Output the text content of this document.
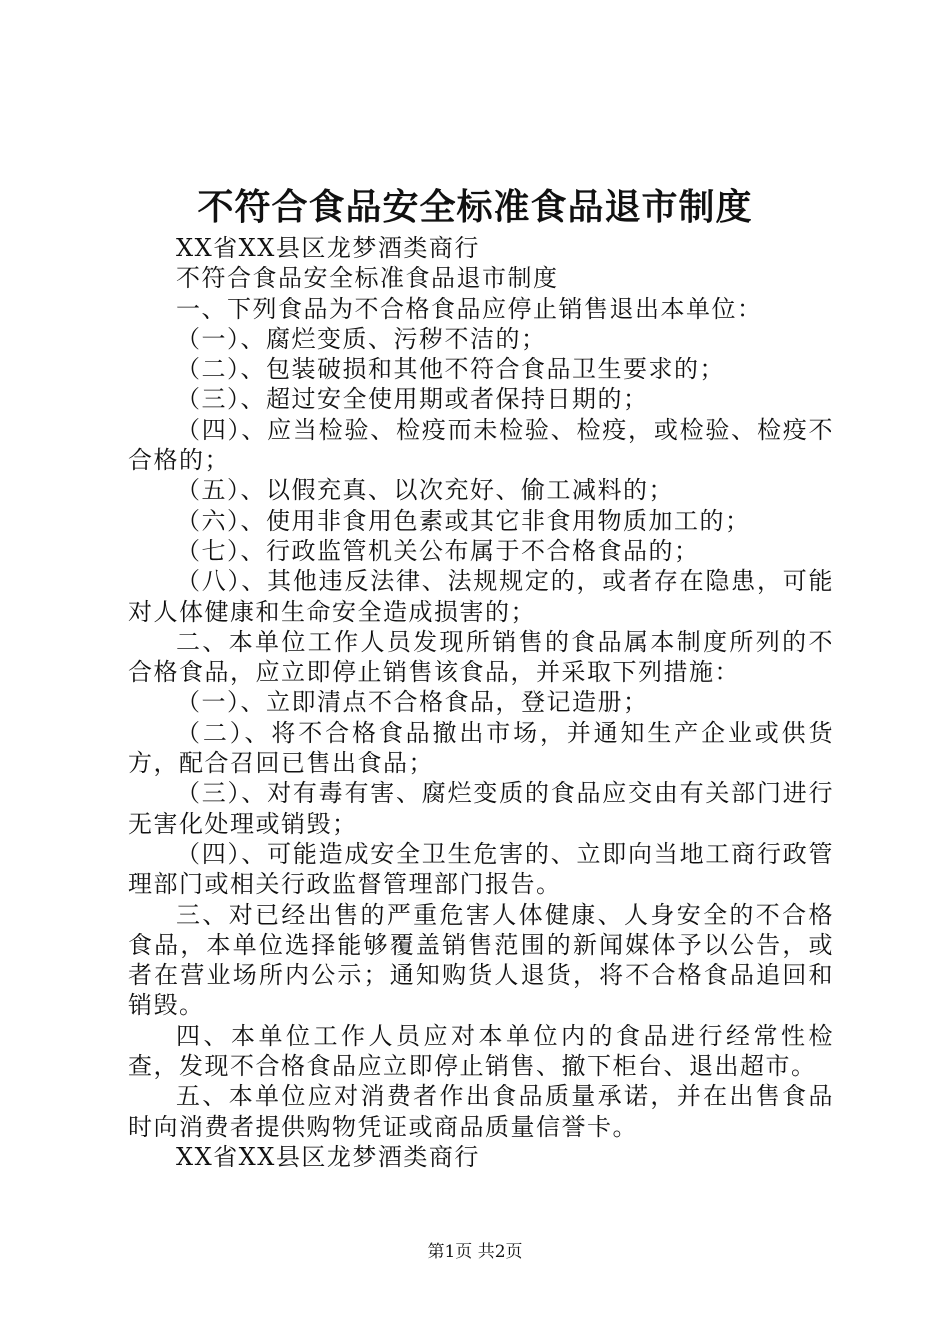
不符合食品安全标准食品退市制度

XX省XX县区龙梦酒类商行

不符合食品安全标准食品退市制度

一、下列食品为不合格食品应停止销售退出本单位：

（一）、腐烂变质、污秽不洁的；

（二）、包装破损和其他不符合食品卫生要求的；

（三）、超过安全使用期或者保持日期的；

（四）、应当检验、检疫而未检验、检疫，或检验、检疫不合格的；

（五）、以假充真、以次充好、偷工减料的；

（六）、使用非食用色素或其它非食用物质加工的；

（七）、行政监管机关公布属于不合格食品的；

（八）、其他违反法律、法规规定的，或者存在隐患，可能对人体健康和生命安全造成损害的；

二、本单位工作人员发现所销售的食品属本制度所列的不合格食品，应立即停止销售该食品，并采取下列措施：

（一）、立即清点不合格食品，登记造册；

（二）、将不合格食品撤出市场，并通知生产企业或供货方，配合召回已售出食品；

（三）、对有毒有害、腐烂变质的食品应交由有关部门进行无害化处理或销毁；

（四）、可能造成安全卫生危害的、立即向当地工商行政管理部门或相关行政监督管理部门报告。

三、对已经出售的严重危害人体健康、人身安全的不合格食品，本单位选择能够覆盖销售范围的新闻媒体予以公告，或者在营业场所内公示；通知购货人退货，将不合格食品追回和销毁。

四、本单位工作人员应对本单位内的食品进行经常性检查，发现不合格食品应立即停止销售、撤下柜台、退出超市。

五、本单位应对消费者作出食品质量承诺，并在出售食品时向消费者提供购物凭证或商品质量信誉卡。

XX省XX县区龙梦酒类商行

第1页 共2页
